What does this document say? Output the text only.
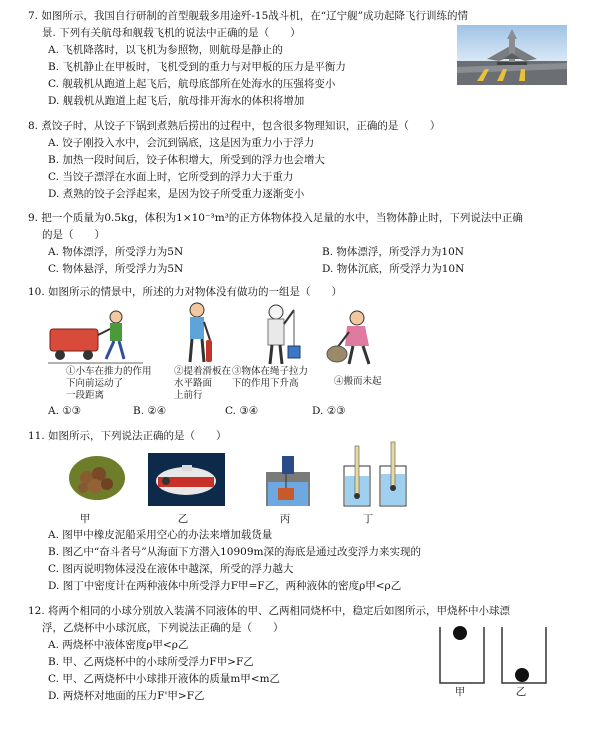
7. 如图所示，我国自行研制的首型舰载多用途歼-15战斗机，在“辽宁舰”成功起降飞行训练的情
景. 下列有关航母和舰载飞机的说法中正确的是（　　）
A. 飞机降落时，以飞机为参照物，则航母是静止的
B. 飞机静止在甲板时，飞机受到的重力与对甲板的压力是平衡力
C. 舰载机从跑道上起飞后，航母底部所在处海水的压强将变小
D. 舰载机从跑道上起飞后，航母排开海水的体积将增加
8. 煮饺子时，从饺子下锅到煮熟后捞出的过程中，包含很多物理知识，正确的是（　　）
A. 饺子刚投入水中，会沉到锅底，这是因为重力小于浮力
B. 加热一段时间后，饺子体积增大，所受到的浮力也会增大
C. 当饺子漂浮在水面上时，它所受到的浮力大于重力
D. 煮熟的饺子会浮起来，是因为饺子所受重力逐渐变小
9. 把一个质量为0.5kg，体积为1×10⁻³m³的正方体物体投入足量的水中，当物体静止时，下列说法中正确
的是（　　）
A. 物体漂浮，所受浮力为5N	B. 物体漂浮，所受浮力为10N
C. 物体悬浮，所受浮力为5N	D. 物体沉底，所受浮力为10N
10. 如图所示的情景中，所述的力对物体没有做功的一组是（　　）
①小车在推力的作用
下向前运动了
一段距离
②提着滑板在
水平路面
上前行
③物体在绳子拉力
下的作用下升高	④搬而未起
A. ①③	B. ②④	C. ③④	D. ②③
11. 如图所示，下列说法正确的是（　　）
甲	乙	丙	丁
A. 图甲中橡皮泥船采用空心的办法来增加载货量
B. 图乙中“奋斗者号”从海面下方潜入10909m深的海底是通过改变浮力来实现的
C. 图丙说明物体浸没在液体中越深，所受的浮力越大
D. 图丁中密度计在两种液体中所受浮力F甲=F乙，两种液体的密度ρ甲<ρ乙
12. 将两个相同的小球分别放入装满不同液体的甲、乙两相同烧杯中，稳定后如图所示，甲烧杯中小球漂
浮，乙烧杯中小球沉底，下列说法正确的是（　　）
A. 两烧杯中液体密度ρ甲<ρ乙
B. 甲、乙两烧杯中的小球所受浮力F甲>F乙
C. 甲、乙两烧杯中小球排开液体的质量m甲<m乙
D. 两烧杯对地面的压力F'甲>F乙	甲	乙
